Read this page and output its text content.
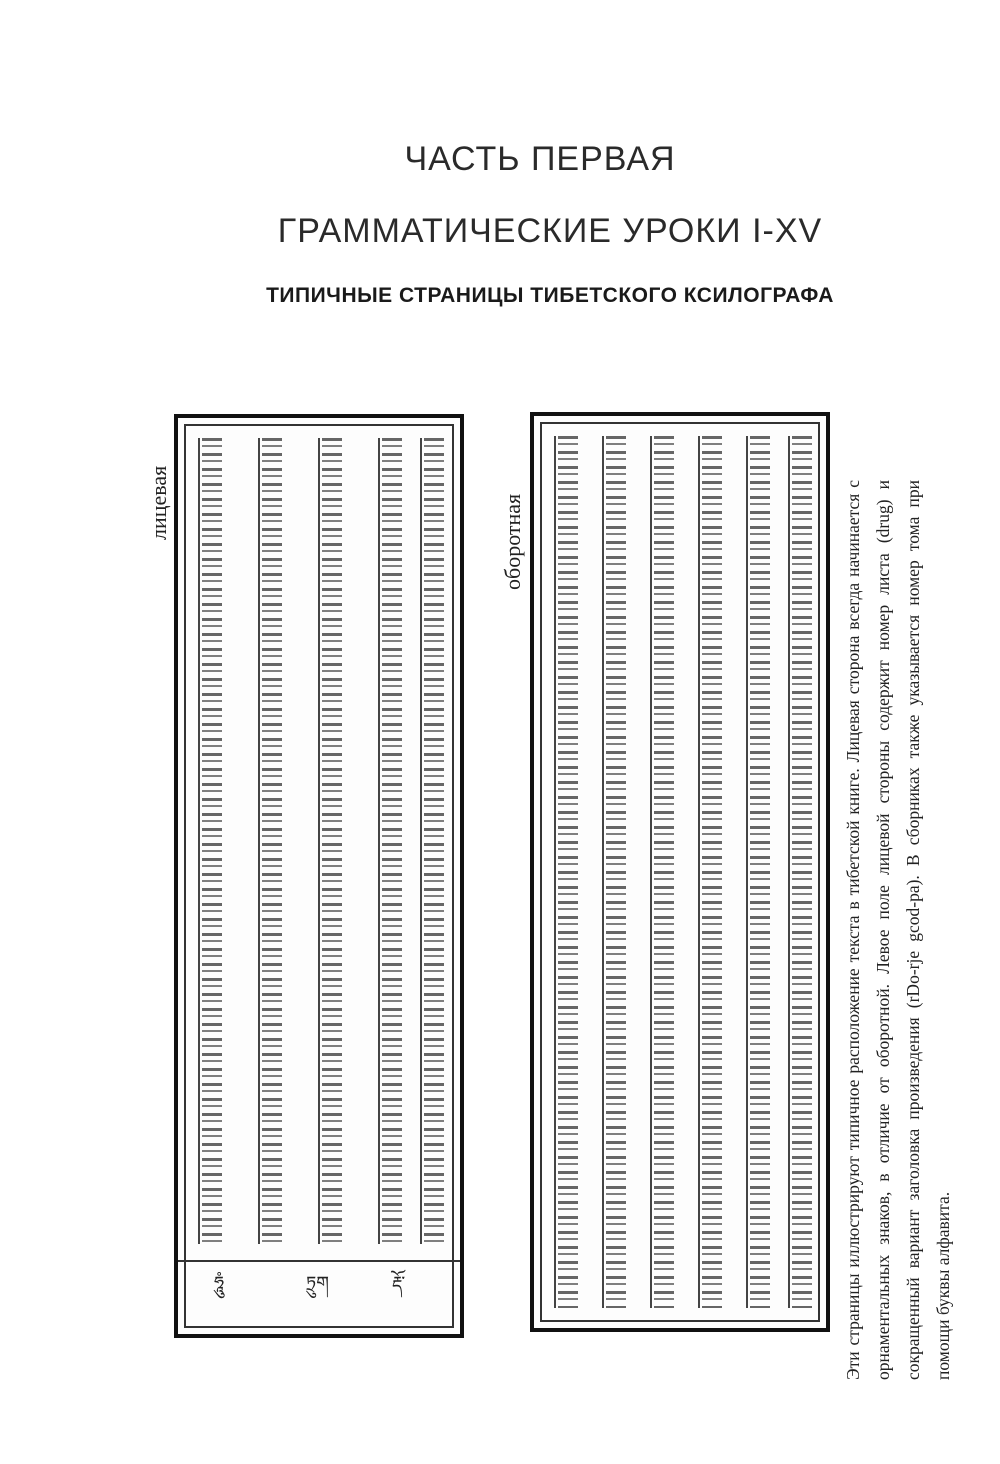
ЧАСТЬ ПЕРВАЯ
ГРАММАТИЧЕСКИЕ УРОКИ I-XV
ТИПИЧНЫЕ СТРАНИЦЫ ТИБЕТСКОГО КСИЛОГРАФА
лицевая	оборотная
ཧཱུཾ	ཏྲུག	རྡོ་	Эти страницы иллюстрируют типичное расположение текста в тибетской книге. Лицевая сторона всегда начинается с орнаментальных знаков, в отличие от оборотной. Левое поле лицевой стороны содержит номер листа (drug) и сокращенный вариант заголовка произведения (rDo-rje gcod-pa). В сборниках также указывается номер тома при помощи буквы алфавита.
